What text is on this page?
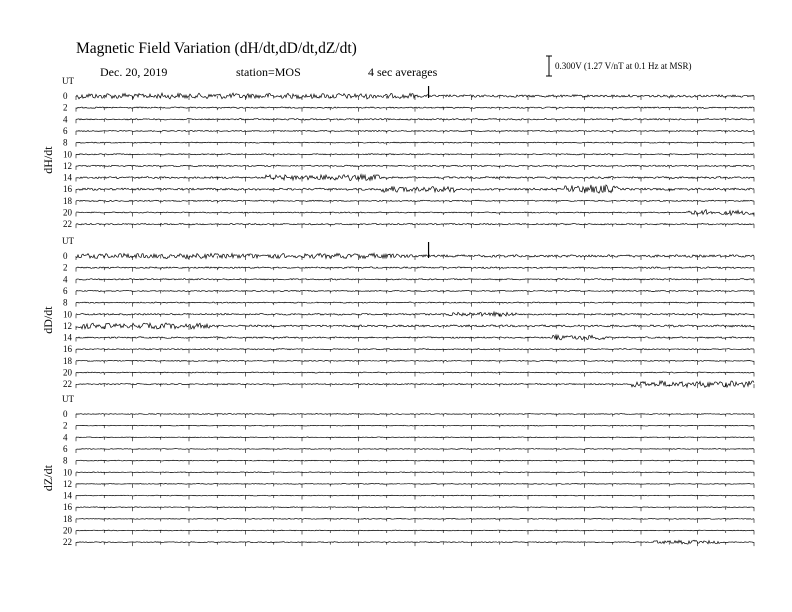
Magnetic Field Variation (dH/dt,dD/dt,dZ/dt)
Dec. 20, 2019	station=MOS	4 sec averages	0.300V (1.27 V/nT at 0.1 Hz at MSR)
UT
dH/dt
0
2
4
6
8
10
12
14
16
18
20
22
UT
dD/dt
0
2
4
6
8
10
12
14
16
18
20
22
UT
dZ/dt
0
2
4
6
8
10
12
14
16
18
20
22
